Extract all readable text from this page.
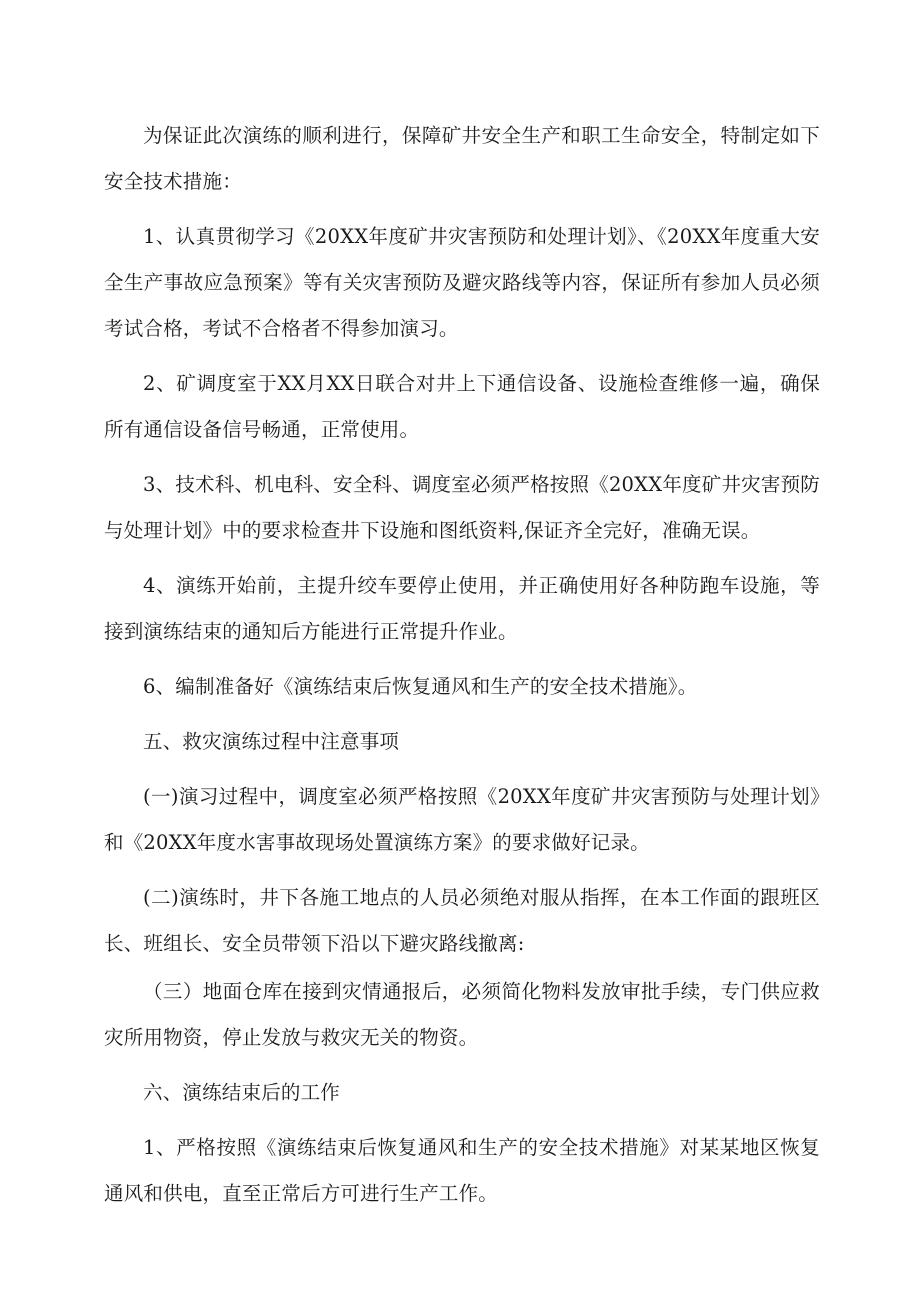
为保证此次演练的顺利进行，保障矿井安全生产和职工生命安全，特制定如下安全技术措施：

1、认真贯彻学习《20XX年度矿井灾害预防和处理计划》、《20XX年度重大安全生产事故应急预案》等有关灾害预防及避灾路线等内容，保证所有参加人员必须考试合格，考试不合格者不得参加演习。

2、矿调度室于XX月XX日联合对井上下通信设备、设施检查维修一遍，确保所有通信设备信号畅通，正常使用。

3、技术科、机电科、安全科、调度室必须严格按照《20XX年度矿井灾害预防与处理计划》中的要求检查井下设施和图纸资料,保证齐全完好，准确无误。

4、演练开始前，主提升绞车要停止使用，并正确使用好各种防跑车设施，等接到演练结束的通知后方能进行正常提升作业。

6、编制准备好《演练结束后恢复通风和生产的安全技术措施》。

五、救灾演练过程中注意事项

(一)演习过程中，调度室必须严格按照《20XX年度矿井灾害预防与处理计划》和《20XX年度水害事故现场处置演练方案》的要求做好记录。

(二)演练时，井下各施工地点的人员必须绝对服从指挥，在本工作面的跟班区长、班组长、安全员带领下沿以下避灾路线撤离:

（三）地面仓库在接到灾情通报后，必须简化物料发放审批手续，专门供应救灾所用物资，停止发放与救灾无关的物资。

六、演练结束后的工作

1、严格按照《演练结束后恢复通风和生产的安全技术措施》对某某地区恢复通风和供电，直至正常后方可进行生产工作。
